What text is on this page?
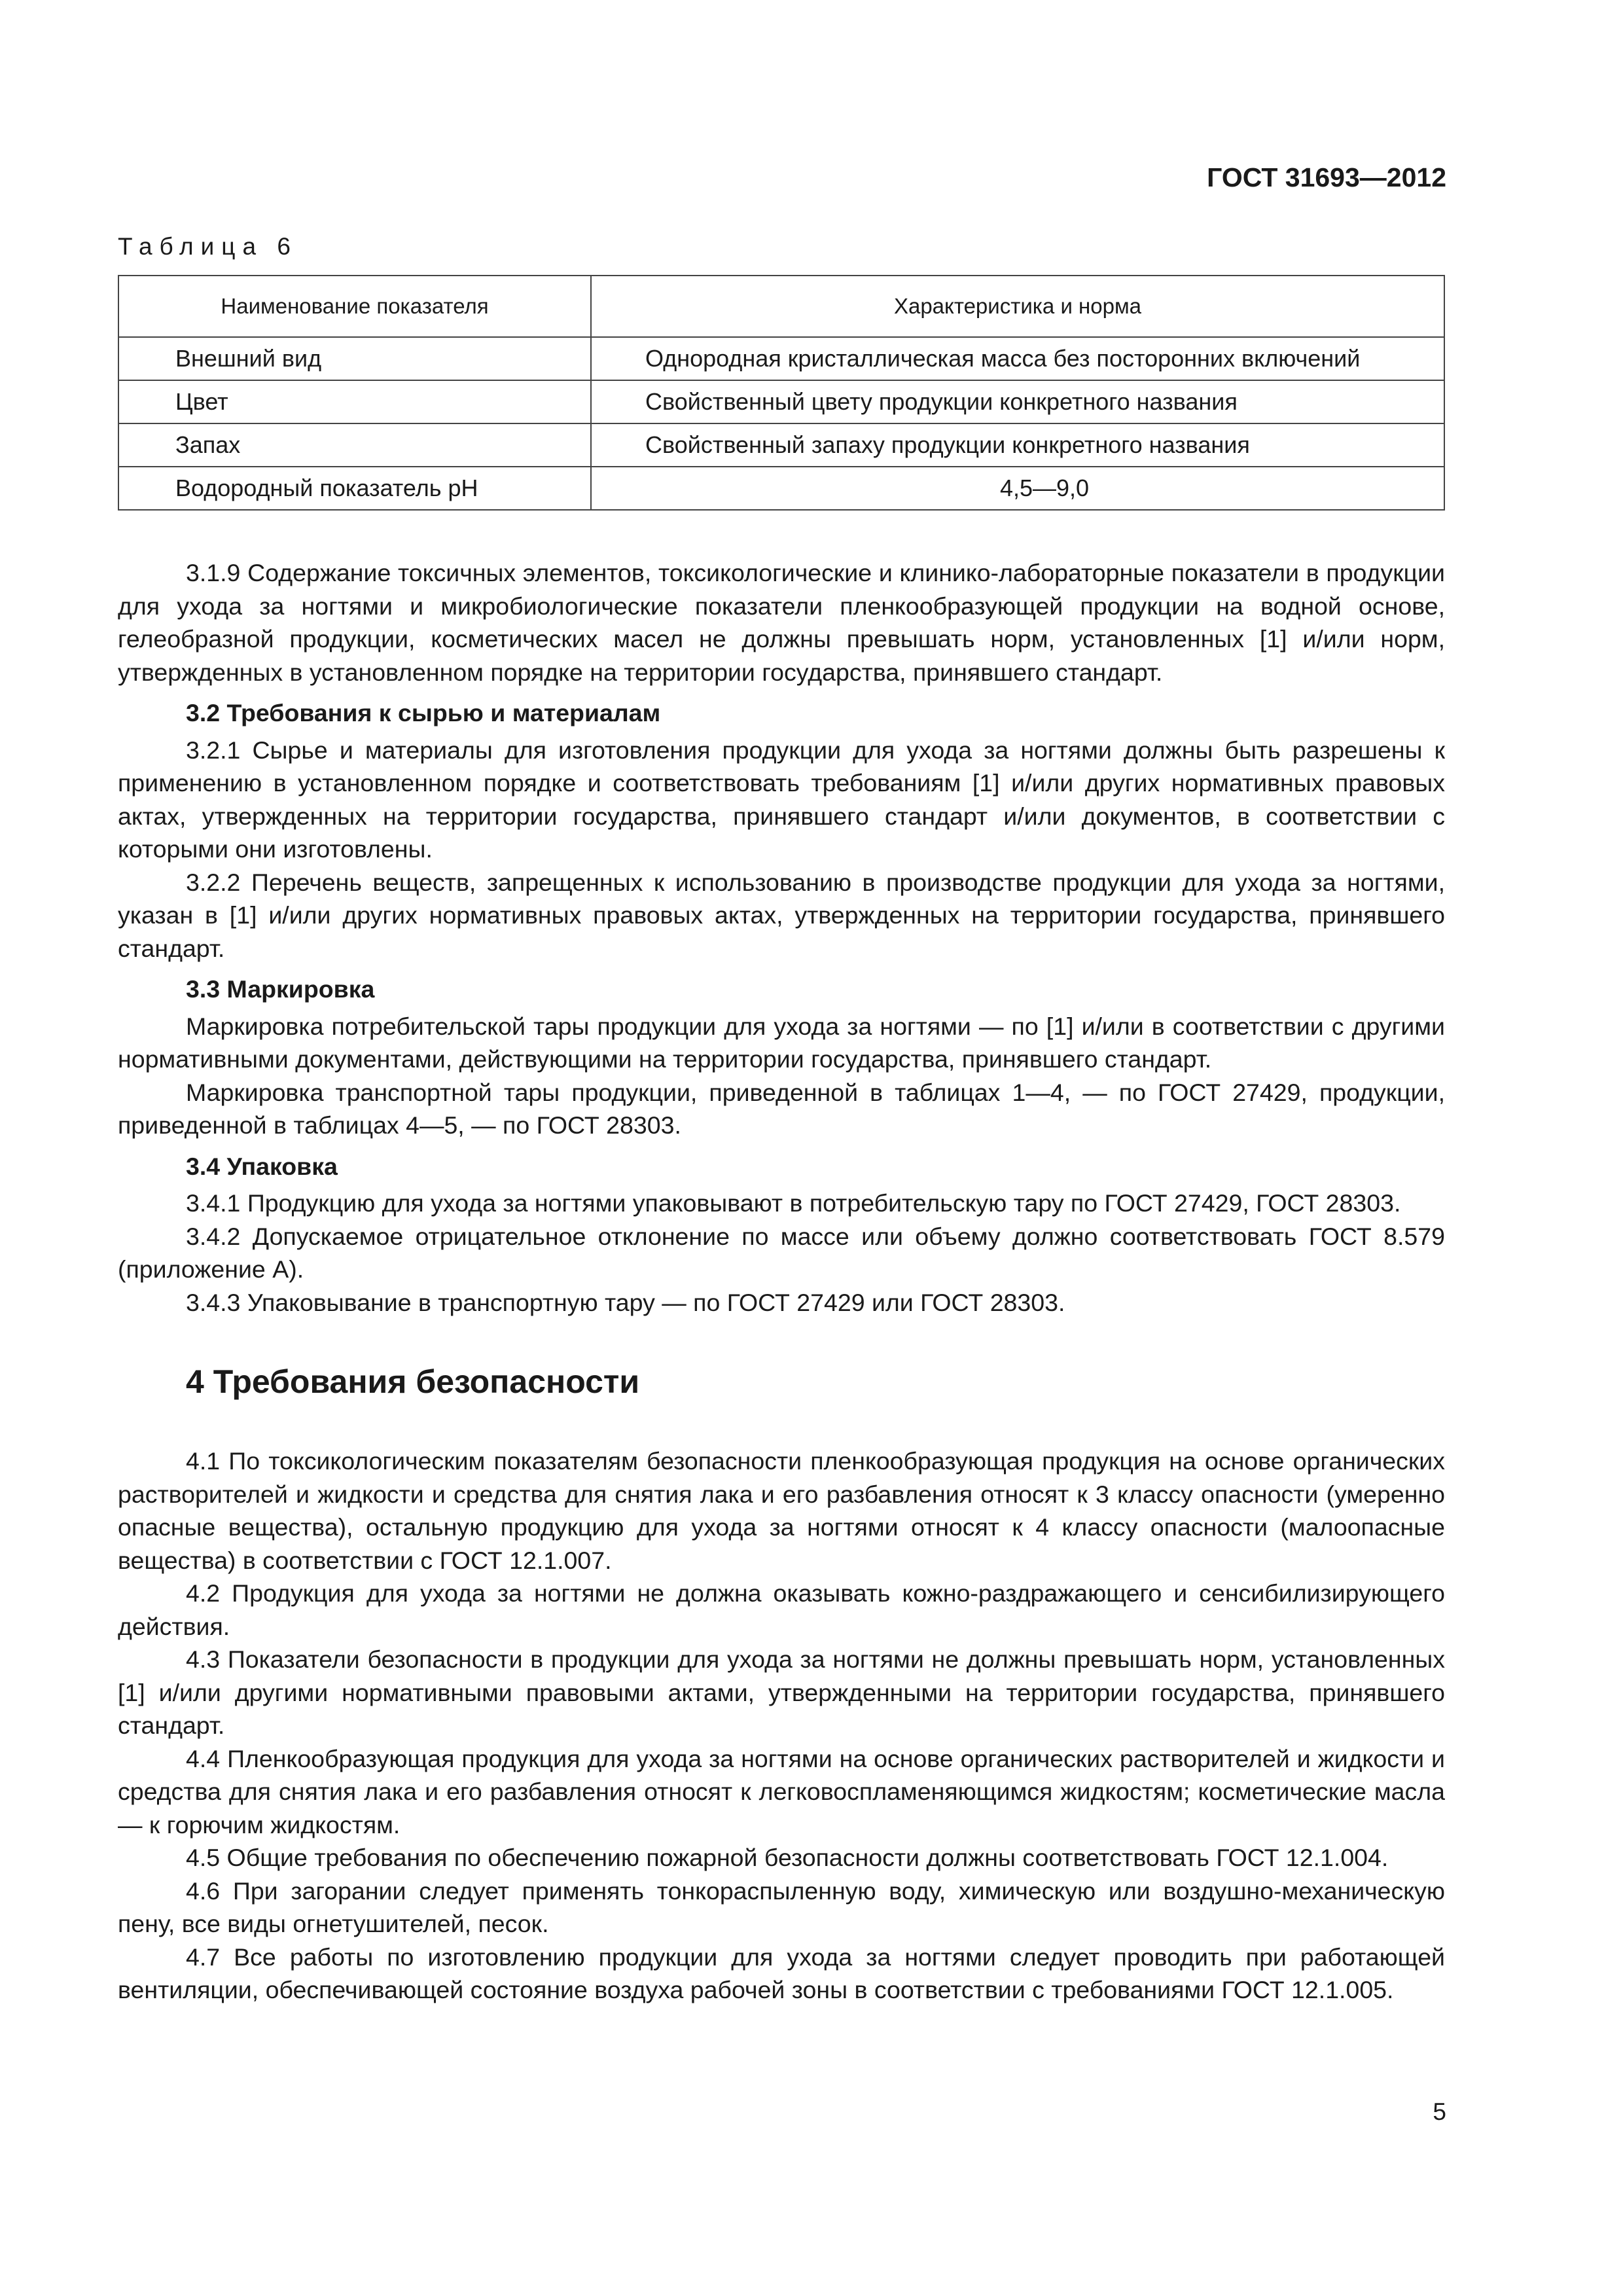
ГОСТ 31693—2012
Таблица 6
Наименование показателя	Характеристика и норма
Внешний вид	Однородная кристаллическая масса без посторонних включений
Цвет	Свойственный цвету продукции конкретного названия
Запах	Свойственный запаху продукции конкретного названия
Водородный показатель pH	4,5—9,0

3.1.9 Содержание токсичных элементов, токсикологические и клинико-лабораторные показатели в продукции для ухода за ногтями и микробиологические показатели пленкообразующей продукции на водной основе, гелеобразной продукции, косметических масел не должны превышать норм, установленных [1] и/или норм, утвержденных в установленном порядке на территории государства, принявшего стандарт.

3.2 Требования к сырью и материалам

3.2.1 Сырье и материалы для изготовления продукции для ухода за ногтями должны быть разрешены к применению в установленном порядке и соответствовать требованиям [1] и/или других нормативных правовых актах, утвержденных на территории государства, принявшего стандарт и/или документов, в соответствии с которыми они изготовлены.

3.2.2 Перечень веществ, запрещенных к использованию в производстве продукции для ухода за ногтями, указан в [1] и/или других нормативных правовых актах, утвержденных на территории государства, принявшего стандарт.

3.3 Маркировка

Маркировка потребительской тары продукции для ухода за ногтями — по [1] и/или в соответствии с другими нормативными документами, действующими на территории государства, принявшего стандарт.

Маркировка транспортной тары продукции, приведенной в таблицах 1—4, — по ГОСТ 27429, продукции, приведенной в таблицах 4—5, — по ГОСТ 28303.

3.4 Упаковка

3.4.1 Продукцию для ухода за ногтями упаковывают в потребительскую тару по ГОСТ 27429, ГОСТ 28303.

3.4.2 Допускаемое отрицательное отклонение по массе или объему должно соответствовать ГОСТ 8.579 (приложение А).

3.4.3 Упаковывание в транспортную тару — по ГОСТ 27429 или ГОСТ 28303.

4 Требования безопасности

4.1 По токсикологическим показателям безопасности пленкообразующая продукция на основе органических растворителей и жидкости и средства для снятия лака и его разбавления относят к 3 классу опасности (умеренно опасные вещества), остальную продукцию для ухода за ногтями относят к 4 классу опасности (малоопасные вещества) в соответствии с ГОСТ 12.1.007.

4.2 Продукция для ухода за ногтями не должна оказывать кожно-раздражающего и сенсибилизирующего действия.

4.3 Показатели безопасности в продукции для ухода за ногтями не должны превышать норм, установленных [1] и/или другими нормативными правовыми актами, утвержденными на территории государства, принявшего стандарт.

4.4 Пленкообразующая продукция для ухода за ногтями на основе органических растворителей и жидкости и средства для снятия лака и его разбавления относят к легковоспламеняющимся жидкостям; косметические масла — к горючим жидкостям.

4.5 Общие требования по обеспечению пожарной безопасности должны соответствовать ГОСТ 12.1.004.

4.6 При загорании следует применять тонкораспыленную воду, химическую или воздушно-механическую пену, все виды огнетушителей, песок.

4.7 Все работы по изготовлению продукции для ухода за ногтями следует проводить при работающей вентиляции, обеспечивающей состояние воздуха рабочей зоны в соответствии с требованиями ГОСТ 12.1.005.

5
